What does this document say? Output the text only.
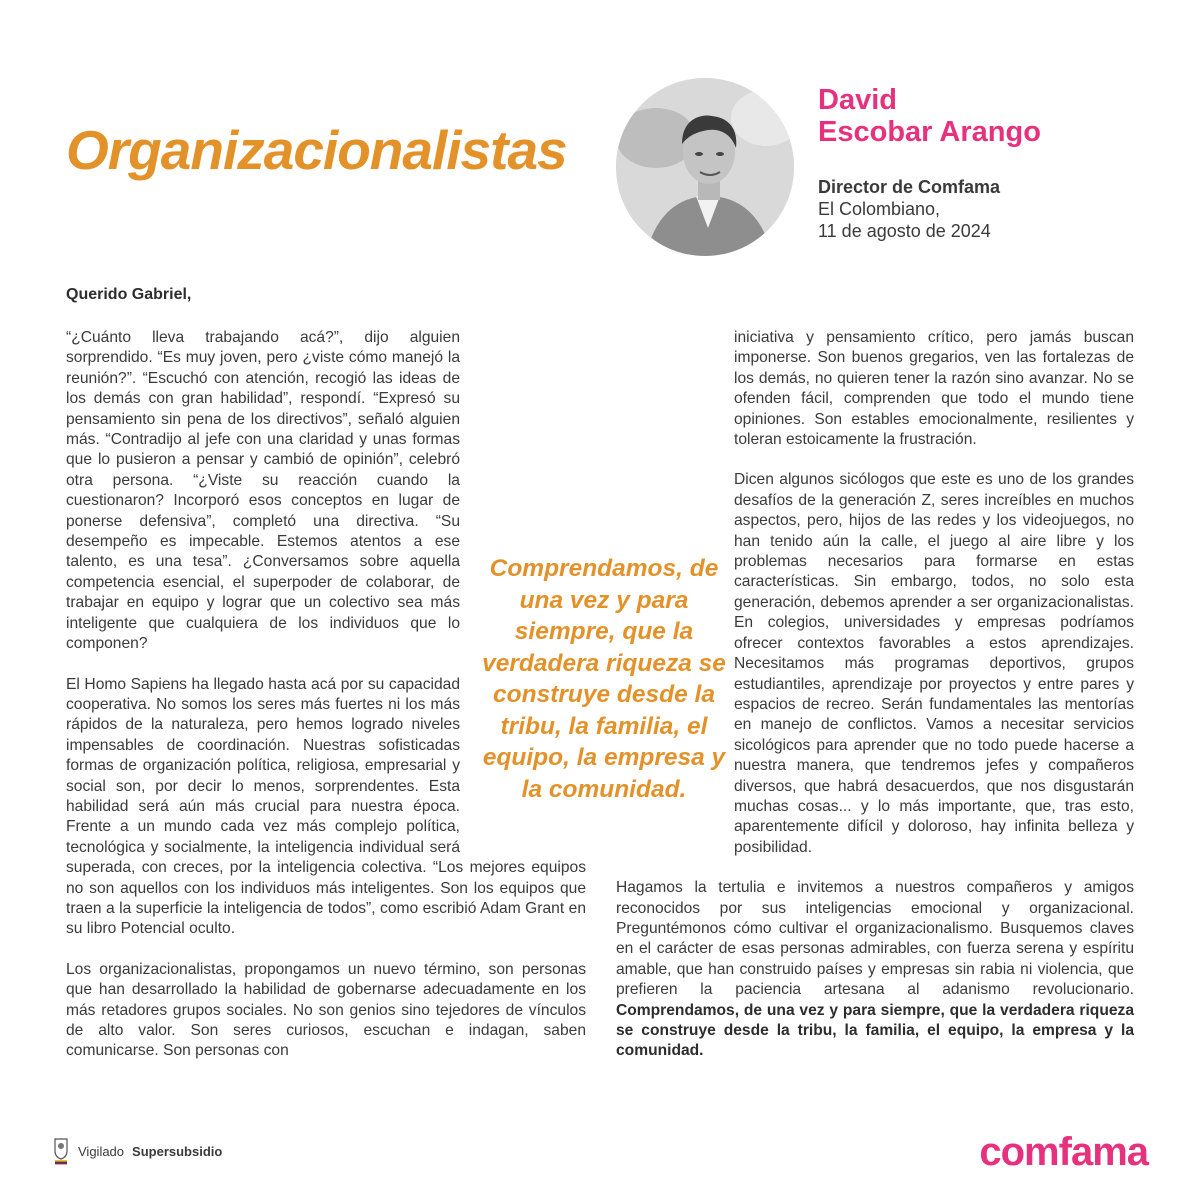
Organizacionalistas
David
Escobar Arango
Director de Comfama
El Colombiano,
11 de agosto de 2024
Querido Gabriel,

“¿Cuánto lleva trabajando acá?”, dijo alguien sorprendido. “Es muy joven, pero ¿viste cómo manejó la reunión?”. “Escuchó con atención, recogió las ideas de los demás con gran habilidad”, respondí. “Expresó su pensamiento sin pena de los directivos”, señaló alguien más. “Contradijo al jefe con una claridad y unas formas que lo pusieron a pensar y cambió de opinión”, celebró otra persona. “¿Viste su reacción cuando la cuestionaron? Incorporó esos conceptos en lugar de ponerse defensiva”, completó una directiva. “Su desempeño es impecable. Estemos atentos a ese talento, es una tesa”. ¿Conversamos sobre aquella competencia esencial, el superpoder de colaborar, de trabajar en equipo y lograr que un colectivo sea más inteligente que cualquiera de los individuos que lo componen?

El Homo Sapiens ha llegado hasta acá por su capacidad cooperativa. No somos los seres más fuertes ni los más rápidos de la naturaleza, pero hemos logrado niveles impensables de coordinación. Nuestras sofisticadas formas de organización política, religiosa, empresarial y social son, por decir lo menos, sorprendentes. Esta habilidad será aún más crucial para nuestra época. Frente a un mundo cada vez más complejo política, tecnológica y socialmente, la inteligencia individual será superada, con creces, por la inteligencia colectiva. “Los mejores equipos no son aquellos con los individuos más inteligentes. Son los equipos que traen a la superficie la inteligencia de todos”, como escribió Adam Grant en su libro Potencial oculto.

Los organizacionalistas, propongamos un nuevo término, son personas que han desarrollado la habilidad de gobernarse adecuadamente en los más retadores grupos sociales. No son genios sino tejedores de vínculos de alto valor. Son seres curiosos, escuchan e indagan, saben comunicarse. Son personas con

iniciativa y pensamiento crítico, pero jamás buscan imponerse. Son buenos gregarios, ven las fortalezas de los demás, no quieren tener la razón sino avanzar. No se ofenden fácil, comprenden que todo el mundo tiene opiniones. Son estables emocionalmente, resilientes y toleran estoicamente la frustración.

Dicen algunos sicólogos que este es uno de los grandes desafíos de la generación Z, seres increíbles en muchos aspectos, pero, hijos de las redes y los videojuegos, no han tenido aún la calle, el juego al aire libre y los problemas necesarios para formarse en estas características. Sin embargo, todos, no solo esta generación, debemos aprender a ser organizacionalistas. En colegios, universidades y empresas podríamos ofrecer contextos favorables a estos aprendizajes. Necesitamos más programas deportivos, grupos estudiantiles, aprendizaje por proyectos y entre pares y espacios de recreo. Serán fundamentales las mentorías en manejo de conflictos. Vamos a necesitar servicios sicológicos para aprender que no todo puede hacerse a nuestra manera, que tendremos jefes y compañeros diversos, que habrá desacuerdos, que nos disgustarán muchas cosas... y lo más importante, que, tras esto, aparentemente difícil y doloroso, hay infinita belleza y posibilidad.

Hagamos la tertulia e invitemos a nuestros compañeros y amigos reconocidos por sus inteligencias emocional y organizacional. Preguntémonos cómo cultivar el organizacionalismo. Busquemos claves en el carácter de esas personas admirables, con fuerza serena y espíritu amable, que han construido países y empresas sin rabia ni violencia, que prefieren la paciencia artesana al adanismo revolucionario. Comprendamos, de una vez y para siempre, que la verdadera riqueza se construye desde la tribu, la familia, el equipo, la empresa y la comunidad.

Comprendamos, de una vez y para siempre, que la verdadera riqueza se construye desde la tribu, la familia, el equipo, la empresa y la comunidad.
Vigilado Supersubsidio	comfama
